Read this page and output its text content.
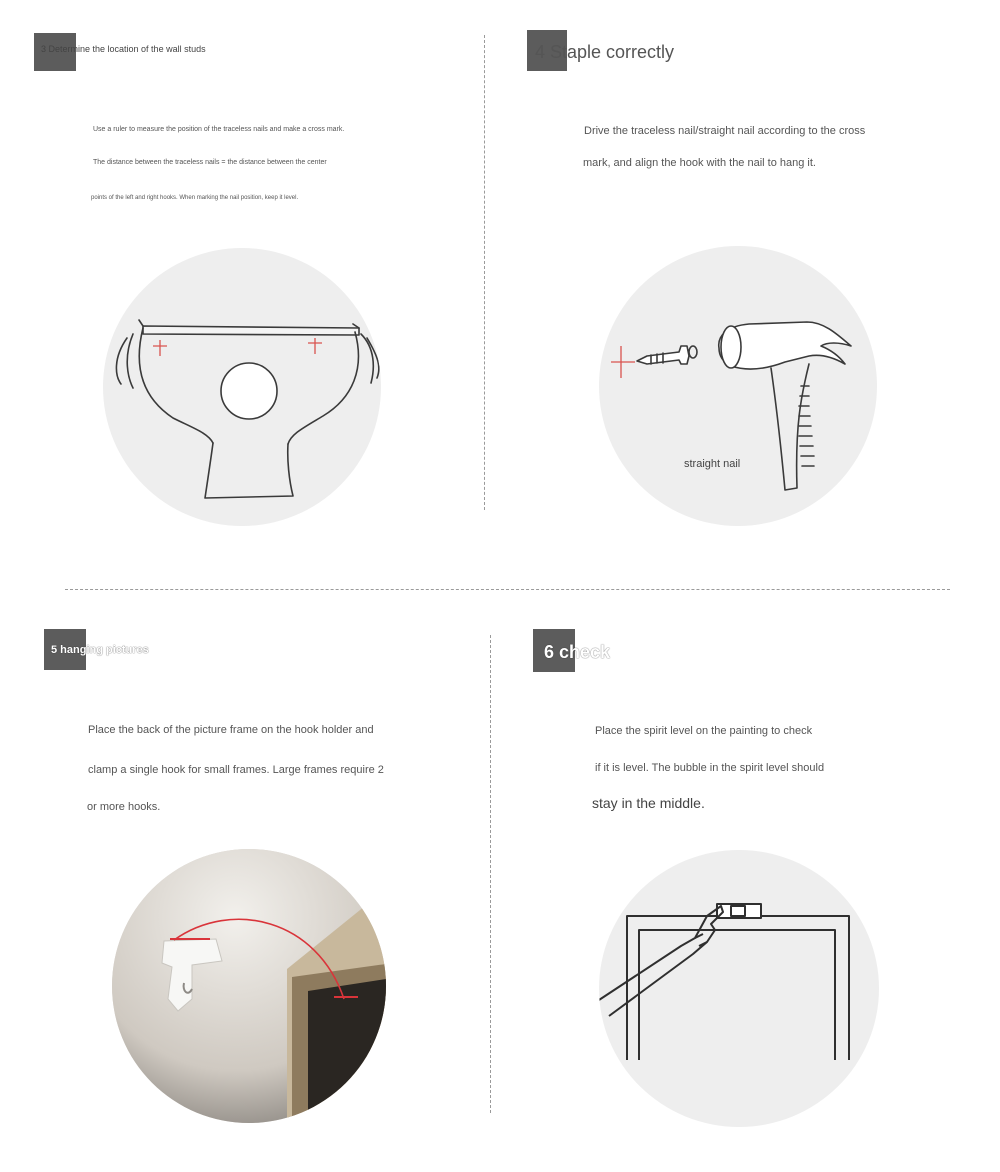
3 Determine the location of the wall studs

Use a ruler to measure the position of the traceless nails and make a cross mark.

The distance between the traceless nails = the distance between the center

points of the left and right hooks. When marking the nail position, keep it level.

4 Staple correctly

Drive the traceless nail/straight nail according to the cross

mark, and align the hook with the nail to hang it.

straight nail
5 hanging pictures

Place the back of the picture frame on the hook holder and

clamp a single hook for small frames. Large frames require 2

or more hooks.

6 check

Place the spirit level on the painting to check

if it is level. The bubble in the spirit level should

stay in the middle.
